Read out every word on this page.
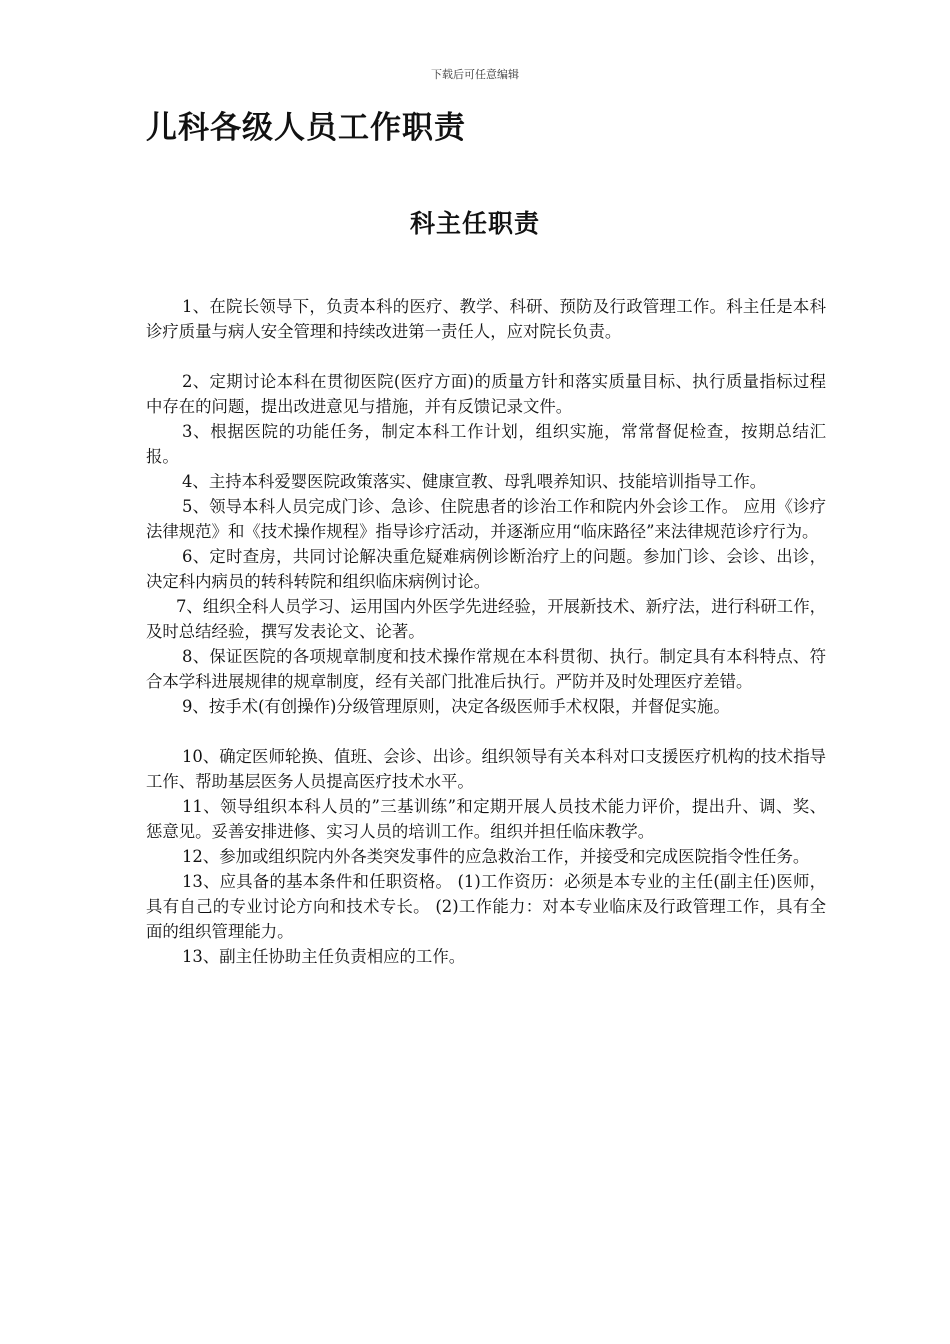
下载后可任意编辑
儿科各级人员工作职责
科主任职责

1、在院长领导下，负责本科的医疗、教学、科研、预防及行政管理工作。科主任是本科诊疗质量与病人安全管理和持续改进第一责任人，应对院长负责。

2、定期讨论本科在贯彻医院(医疗方面)的质量方针和落实质量目标、执行质量指标过程中存在的问题，提出改进意见与措施，并有反馈记录文件。

3、根据医院的功能任务，制定本科工作计划，组织实施，常常督促检查，按期总结汇报。

4、主持本科爱婴医院政策落实、健康宣教、母乳喂养知识、技能培训指导工作。

5、领导本科人员完成门诊、急诊、住院患者的诊治工作和院内外会诊工作。 应用《诊疗法律规范》和《技术操作规程》指导诊疗活动，并逐渐应用“临床路径”来法律规范诊疗行为。

6、定时查房，共同讨论解决重危疑难病例诊断治疗上的问题。参加门诊、会诊、出诊，决定科内病员的转科转院和组织临床病例讨论。

7、组织全科人员学习、运用国内外医学先进经验，开展新技术、新疗法，进行科研工作，及时总结经验，撰写发表论文、论著。

8、保证医院的各项规章制度和技术操作常规在本科贯彻、执行。制定具有本科特点、符合本学科进展规律的规章制度，经有关部门批准后执行。严防并及时处理医疗差错。

9、按手术(有创操作)分级管理原则，决定各级医师手术权限，并督促实施。

10、确定医师轮换、值班、会诊、出诊。组织领导有关本科对口支援医疗机构的技术指导工作、帮助基层医务人员提高医疗技术水平。

11、领导组织本科人员的”三基训练”和定期开展人员技术能力评价，提出升、调、奖、惩意见。妥善安排进修、实习人员的培训工作。组织并担任临床教学。

12、参加或组织院内外各类突发事件的应急救治工作，并接受和完成医院指令性任务。

13、应具备的基本条件和任职资格。 (1)工作资历：必须是本专业的主任(副主任)医师，具有自己的专业讨论方向和技术专长。 (2)工作能力：对本专业临床及行政管理工作，具有全面的组织管理能力。

13、副主任协助主任负责相应的工作。
